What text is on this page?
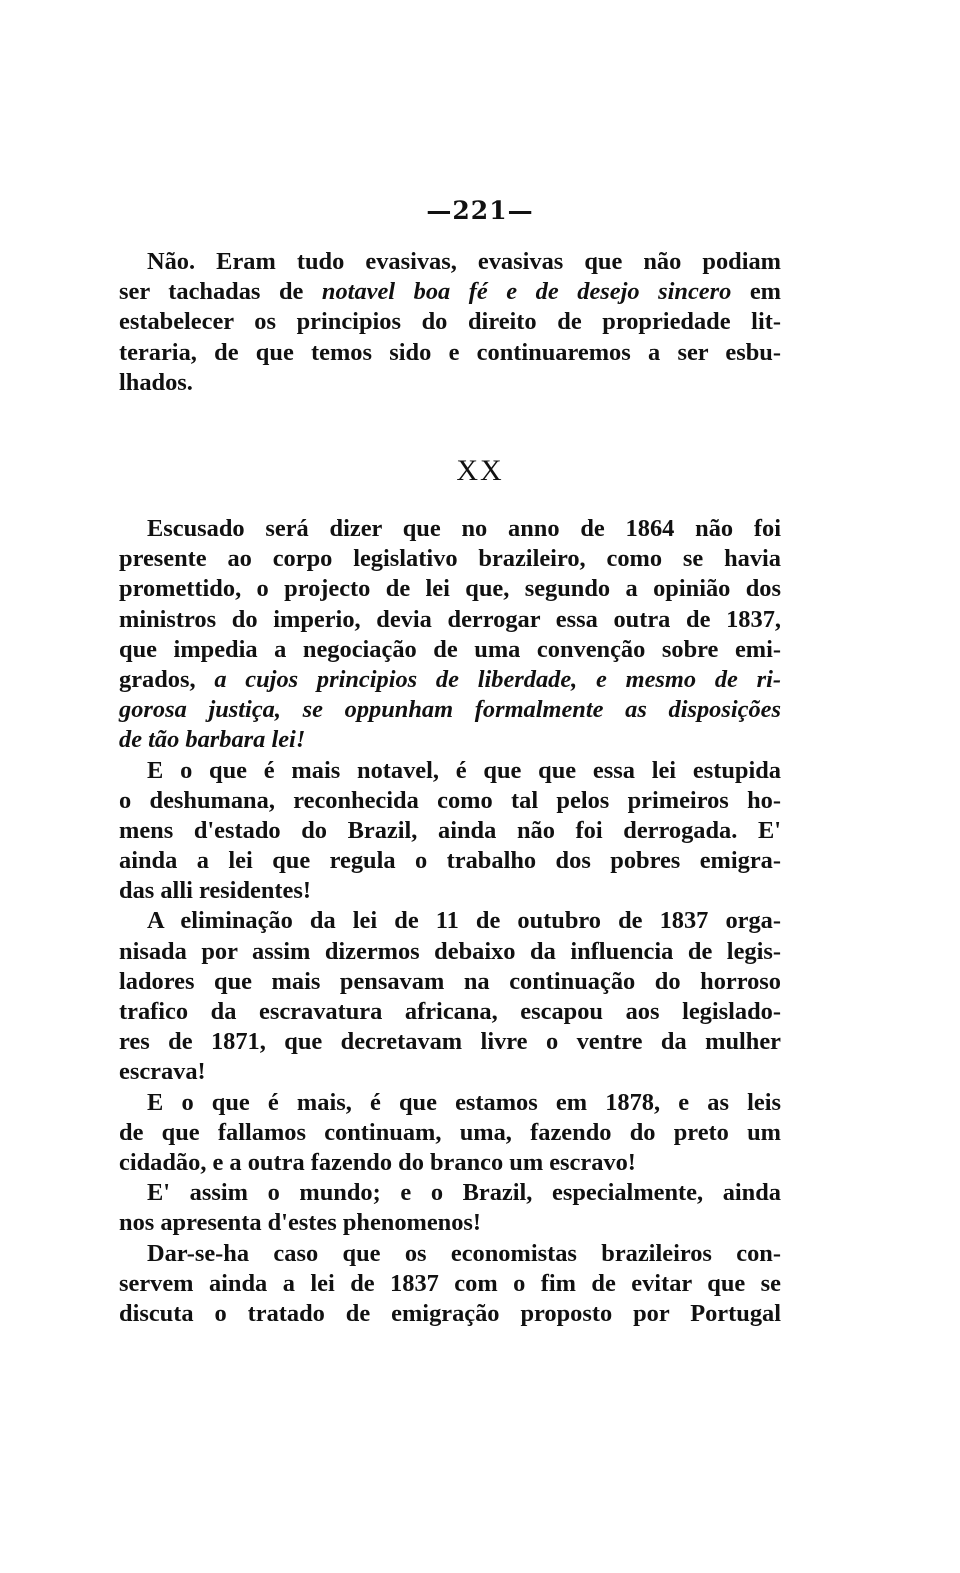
—221—
Não. Eram tudo evasivas, evasivas que não podiam
ser tachadas de notavel boa fé e de desejo sincero em
estabelecer os principios do direito de propriedade lit-
teraria, de que temos sido e continuaremos a ser esbu-
lhados.
XX
Escusado será dizer que no anno de 1864 não foi
presente ao corpo legislativo brazileiro, como se havia
promettido, o projecto de lei que, segundo a opinião dos
ministros do imperio, devia derrogar essa outra de 1837,
que impedia a negociação de uma convenção sobre emi-
grados, a cujos principios de liberdade, e mesmo de ri-
gorosa justiça, se oppunham formalmente as disposições
de tão barbara lei!
E o que é mais notavel, é que que essa lei estupida
o deshumana, reconhecida como tal pelos primeiros ho-
mens d'estado do Brazil, ainda não foi derrogada. E'
ainda a lei que regula o trabalho dos pobres emigra-
das alli residentes!
A eliminação da lei de 11 de outubro de 1837 orga-
nisada por assim dizermos debaixo da influencia de legis-
ladores que mais pensavam na continuação do horroso
trafico da escravatura africana, escapou aos legislado-
res de 1871, que decretavam livre o ventre da mulher
escrava!
E o que é mais, é que estamos em 1878, e as leis
de que fallamos continuam, uma, fazendo do preto um
cidadão, e a outra fazendo do branco um escravo!
E' assim o mundo; e o Brazil, especialmente, ainda
nos apresenta d'estes phenomenos!
Dar-se-ha caso que os economistas brazileiros con-
servem ainda a lei de 1837 com o fim de evitar que se
discuta o tratado de emigração proposto por Portugal
